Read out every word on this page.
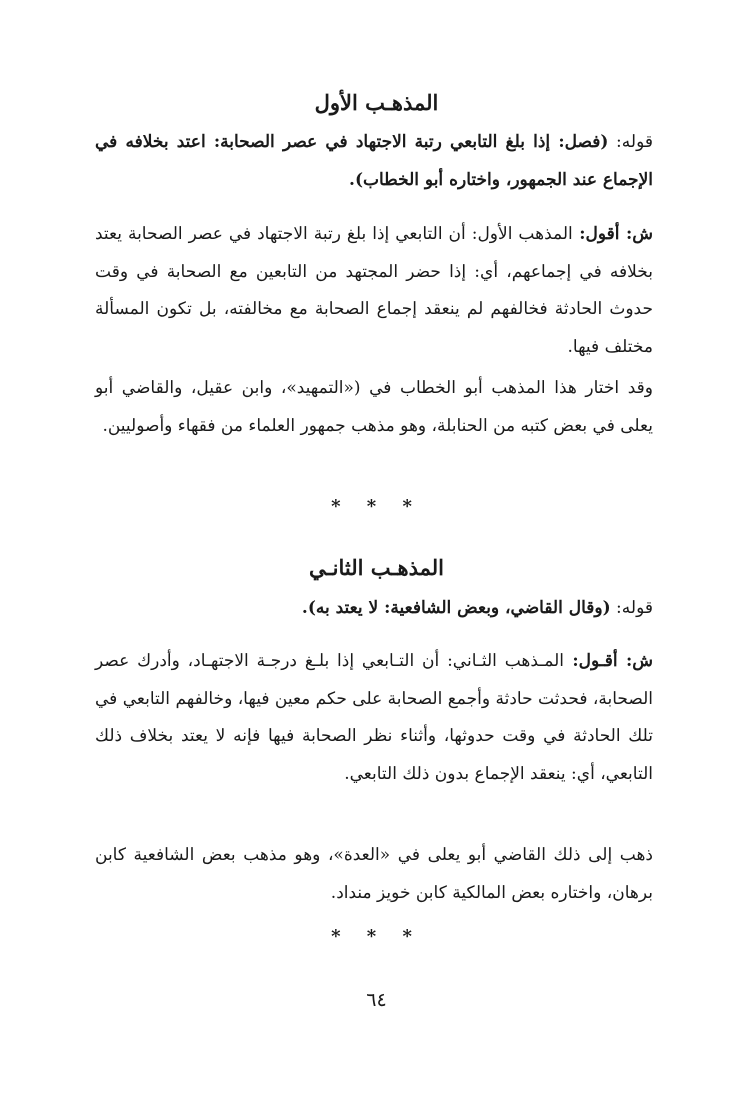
المذهـب الأول
قوله: (فصل: إذا بلغ التابعي رتبة الاجتهاد في عصر الصحابة: اعتد بخلافه في الإجماع عند الجمهور، واختاره أبو الخطاب).
ش: أقول: المذهب الأول: أن التابعي إذا بلغ رتبة الاجتهاد في عصر الصحابة يعتد بخلافه في إجماعهم، أي: إذا حضر المجتهد من التابعين مع الصحابة في وقت حدوث الحادثة فخالفهم لم ينعقد إجماع الصحابة مع مخالفته، بل تكون المسألة مختلف فيها.
وقد اختار هذا المذهب أبو الخطاب في («التمهيد»، وابن عقيل، والقاضي أبو يعلى في بعض كتبه من الحنابلة، وهو مذهب جمهور العلماء من فقهاء وأصوليين.
* * *
المذهـب الثانـي
قوله: (وقال القاضي، وبعض الشافعية: لا يعتد به).
ش: أقـول: المـذهب الثـاني: أن التـابعي إذا بلـغ درجـة الاجتهـاد، وأدرك عصر الصحابة، فحدثت حادثة وأجمع الصحابة على حكم معين فيها، وخالفهم التابعي في تلك الحادثة في وقت حدوثها، وأثناء نظر الصحابة فيها فإنه لا يعتد بخلاف ذلك التابعي، أي: ينعقد الإجماع بدون ذلك التابعي.
ذهب إلى ذلك القاضي أبو يعلى في «العدة»، وهو مذهب بعض الشافعية كابن برهان، واختاره بعض المالكية كابن خويز منداد.
* * *
٦٤
